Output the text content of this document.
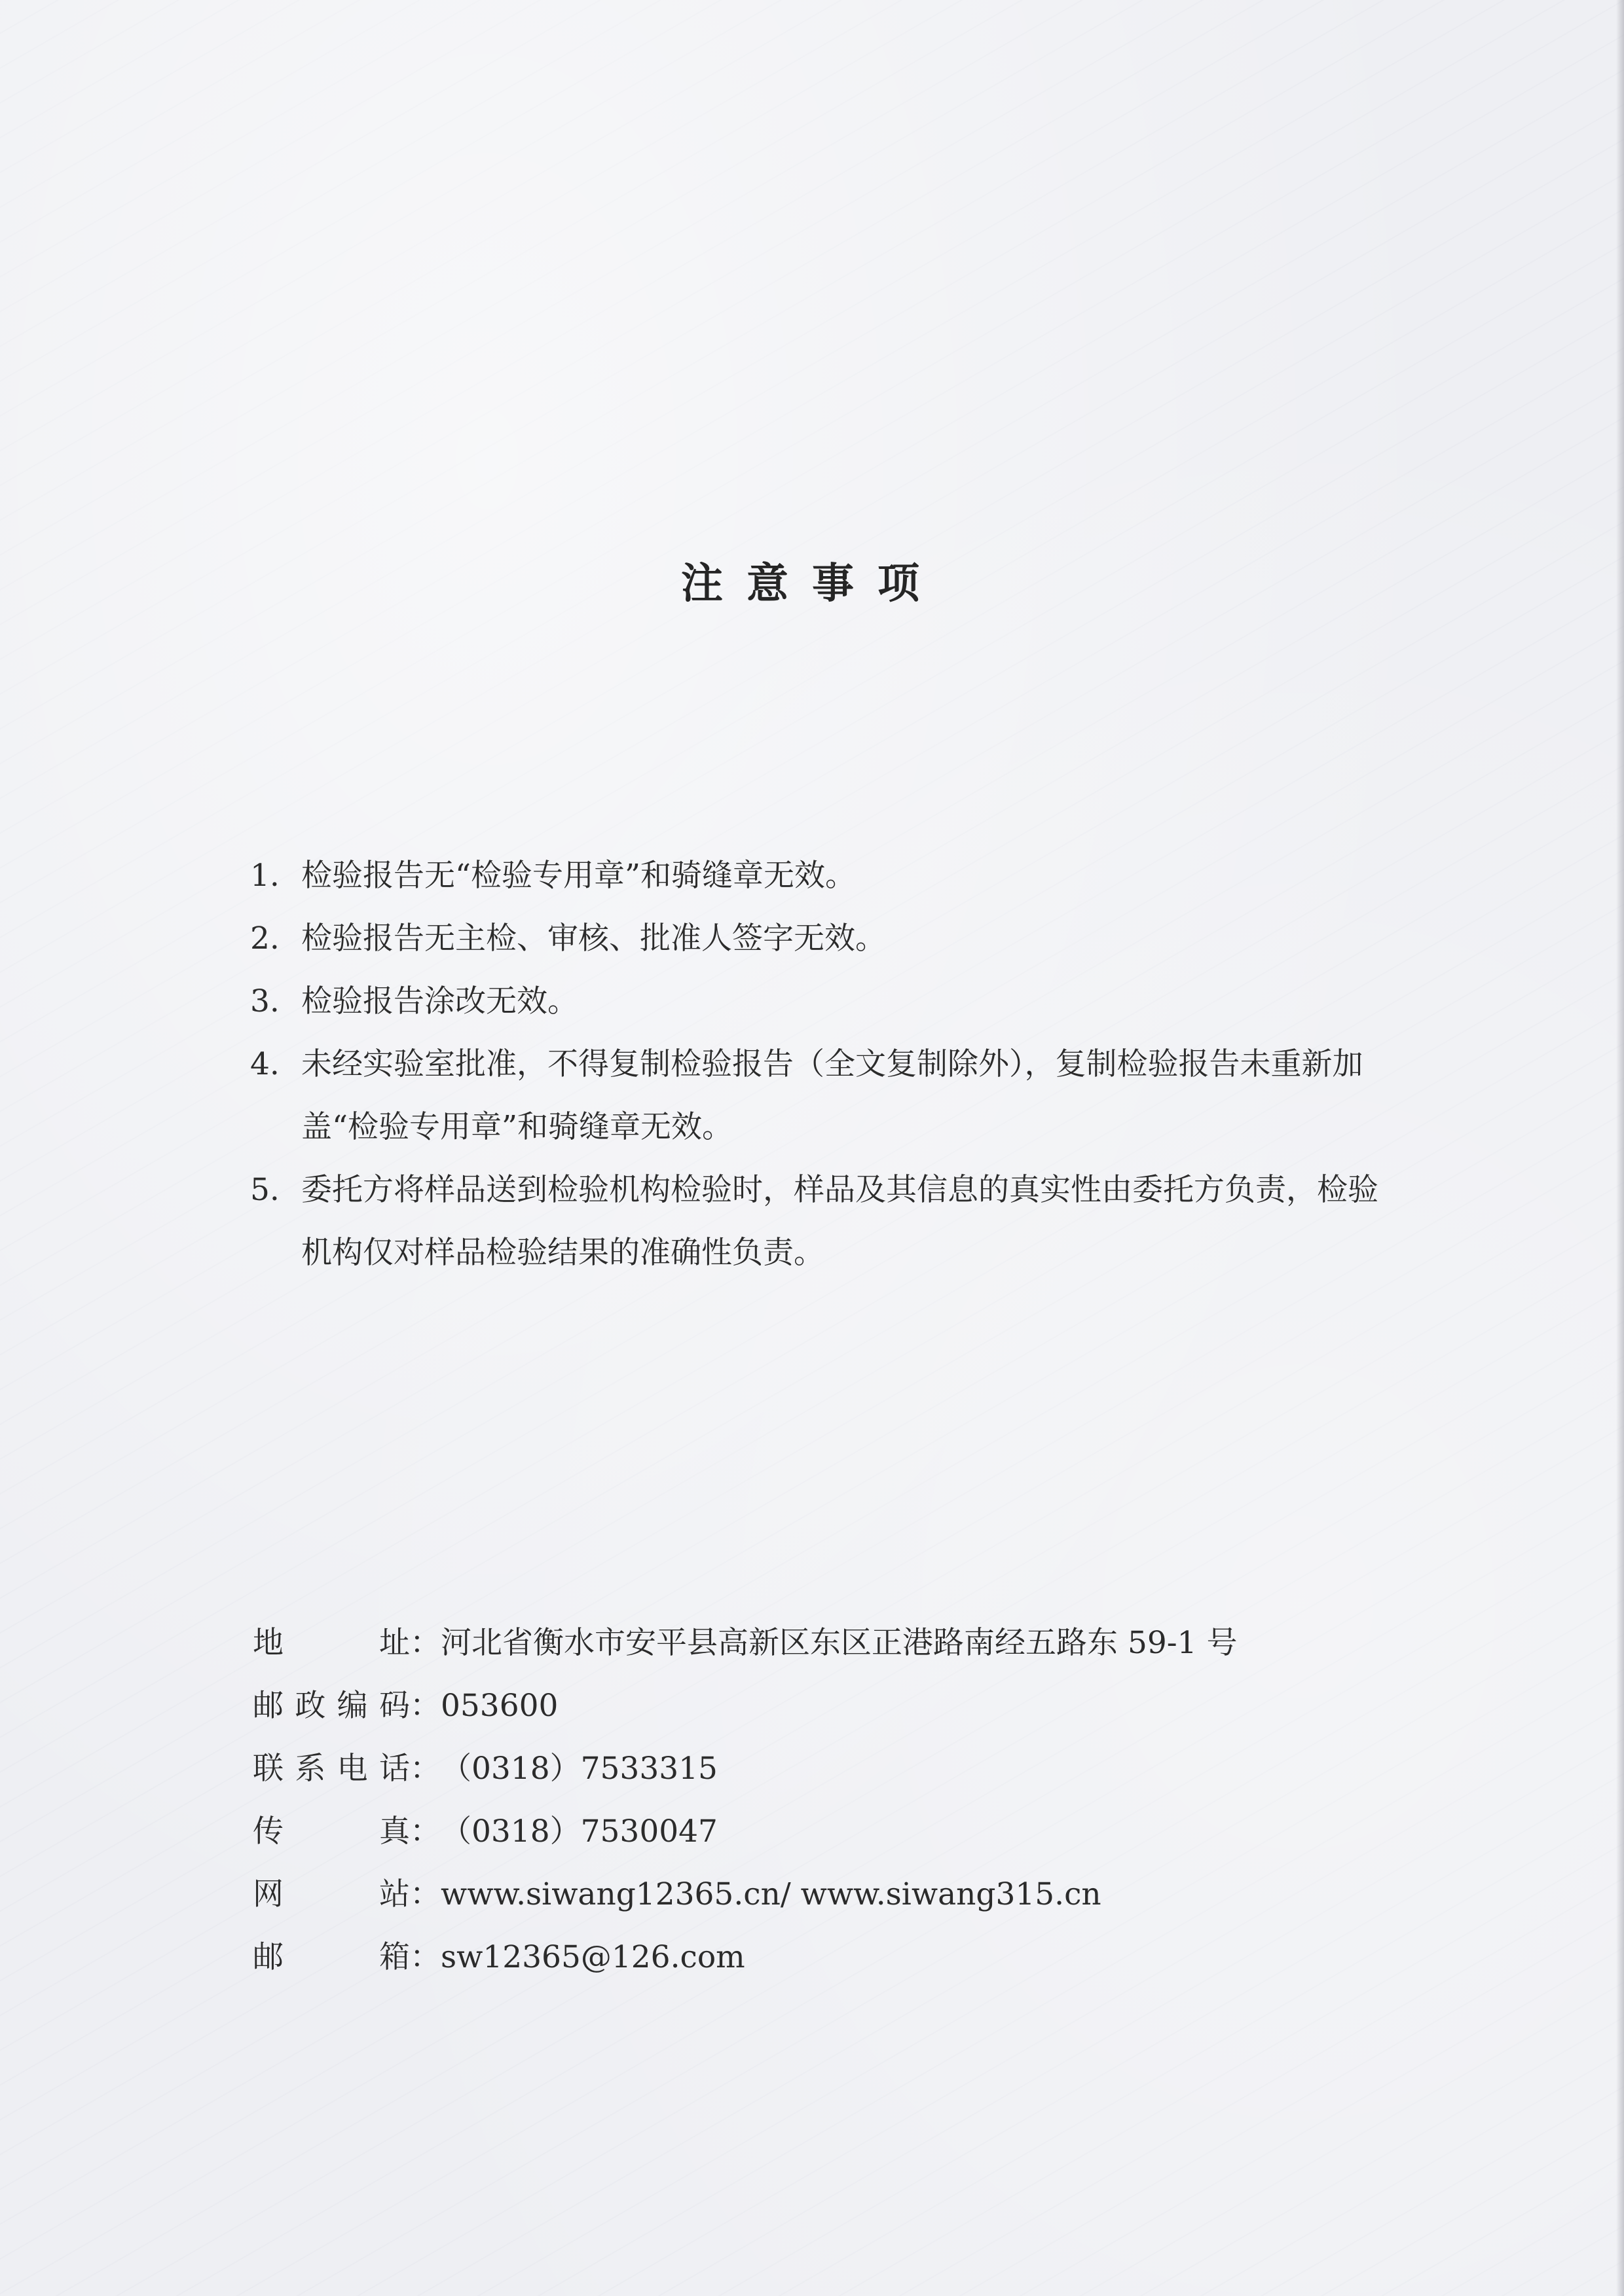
注意事项
1. 检验报告无“检验专用章”和骑缝章无效。
2. 检验报告无主检、审核、批准人签字无效。
3. 检验报告涂改无效。
4. 未经实验室批准，不得复制检验报告（全文复制除外），复制检验报告未重新加盖“检验专用章”和骑缝章无效。
5. 委托方将样品送到检验机构检验时，样品及其信息的真实性由委托方负责，检验机构仅对样品检验结果的准确性负责。
地址 ： 河北省衡水市安平县高新区东区正港路南经五路东 59-1 号
邮政编码 ： 053600
联系电话 ： （0318）7533315
传真 ： （0318）7530047
网站 ： www.siwang12365.cn/ www.siwang315.cn
邮箱 ： sw12365@126.com
